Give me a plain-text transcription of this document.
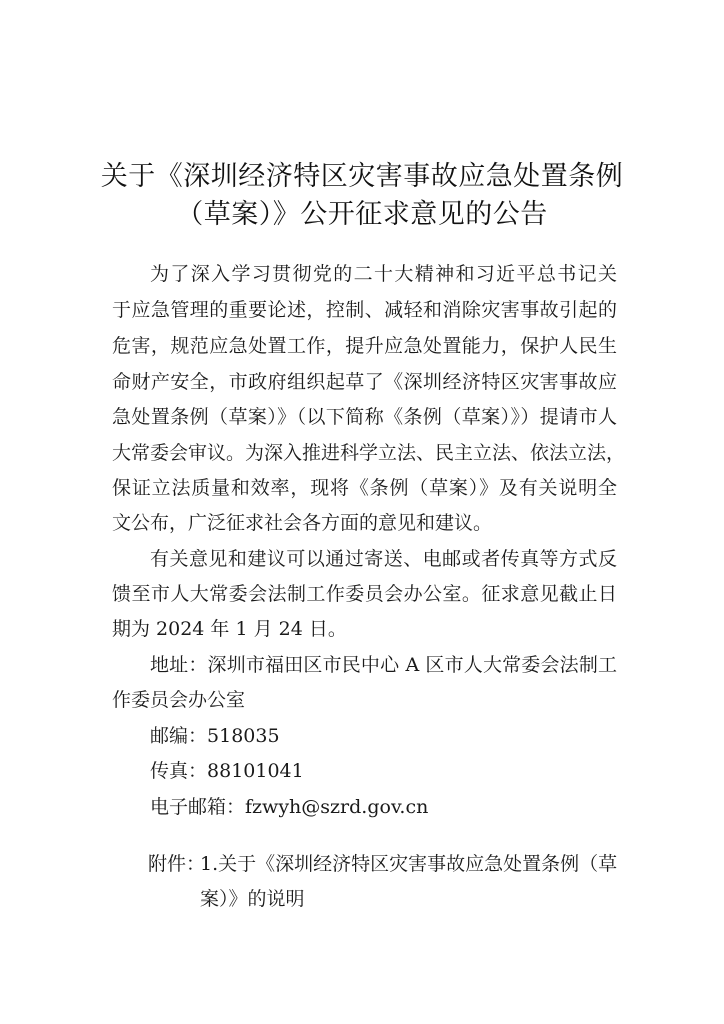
关于《深圳经济特区灾害事故应急处置条例
（草案）》公开征求意见的公告
为了深入学习贯彻党的二十大精神和习近平总书记关
于应急管理的重要论述，控制、减轻和消除灾害事故引起的
危害，规范应急处置工作，提升应急处置能力，保护人民生
命财产安全，市政府组织起草了《深圳经济特区灾害事故应
急处置条例（草案）》（以下简称《条例（草案）》）提请市人
大常委会审议。为深入推进科学立法、民主立法、依法立法，
保证立法质量和效率，现将《条例（草案）》及有关说明全
文公布，广泛征求社会各方面的意见和建议。
有关意见和建议可以通过寄送、电邮或者传真等方式反
馈至市人大常委会法制工作委员会办公室。征求意见截止日
期为 2024 年 1 月 24 日。
地址：深圳市福田区市民中心 A 区市人大常委会法制工
作委员会办公室
邮编：518035
传真：88101041
电子邮箱：fzwyh@szrd.gov.cn
附件：
1.关于《深圳经济特区灾害事故应急处置条例（草
案）》的说明
